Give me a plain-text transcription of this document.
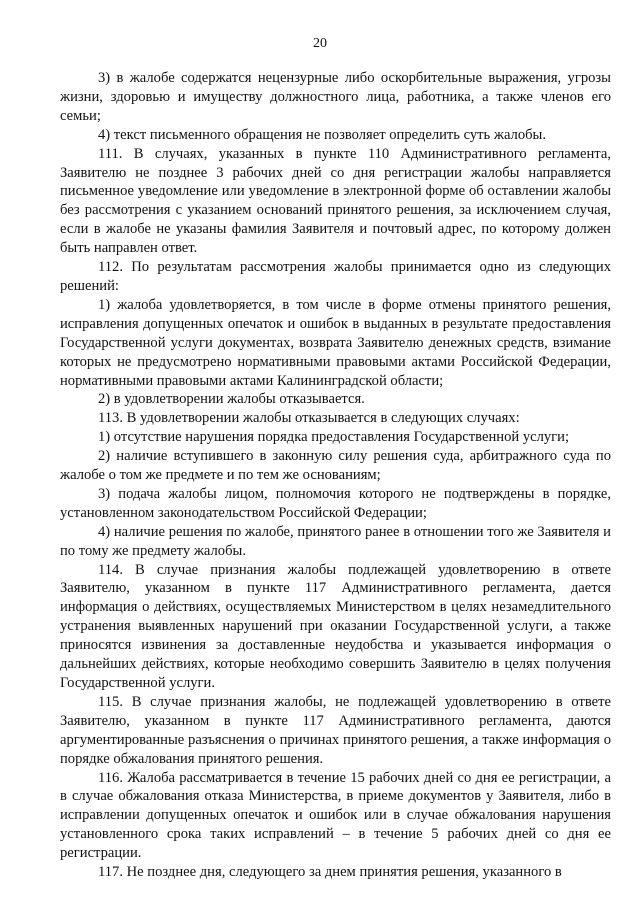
20

3) в жалобе содержатся нецензурные либо оскорбительные выражения, угрозы жизни, здоровью и имуществу должностного лица, работника, а также членов его семьи;

4) текст письменного обращения не позволяет определить суть жалобы.

111. В случаях, указанных в пункте 110 Административного регламента, Заявителю не позднее 3 рабочих дней со дня регистрации жалобы направляется письменное уведомление или уведомление в электронной форме об оставлении жалобы без рассмотрения с указанием оснований принятого решения, за исключением случая, если в жалобе не указаны фамилия Заявителя и почтовый адрес, по которому должен быть направлен ответ.

112. По результатам рассмотрения жалобы принимается одно из следующих решений:

1) жалоба удовлетворяется, в том числе в форме отмены принятого решения, исправления допущенных опечаток и ошибок в выданных в результате предоставления Государственной услуги документах, возврата Заявителю денежных средств, взимание которых не предусмотрено нормативными правовыми актами Российской Федерации, нормативными правовыми актами Калининградской области;

2) в удовлетворении жалобы отказывается.

113. В удовлетворении жалобы отказывается в следующих случаях:

1) отсутствие нарушения порядка предоставления Государственной услуги;

2) наличие вступившего в законную силу решения суда, арбитражного суда по жалобе о том же предмете и по тем же основаниям;

3) подача жалобы лицом, полномочия которого не подтверждены в порядке, установленном законодательством Российской Федерации;

4) наличие решения по жалобе, принятого ранее в отношении того же Заявителя и по тому же предмету жалобы.

114. В случае признания жалобы подлежащей удовлетворению в ответе Заявителю, указанном в пункте 117 Административного регламента, дается информация о действиях, осуществляемых Министерством в целях незамедлительного устранения выявленных нарушений при оказании Государственной услуги, а также приносятся извинения за доставленные неудобства и указывается информация о дальнейших действиях, которые необходимо совершить Заявителю в целях получения Государственной услуги.

115. В случае признания жалобы, не подлежащей удовлетворению в ответе Заявителю, указанном в пункте 117 Административного регламента, даются аргументированные разъяснения о причинах принятого решения, а также информация о порядке обжалования принятого решения.

116. Жалоба рассматривается в течение 15 рабочих дней со дня ее регистрации, а в случае обжалования отказа Министерства, в приеме документов у Заявителя, либо в исправлении допущенных опечаток и ошибок или в случае обжалования нарушения установленного срока таких исправлений – в течение 5 рабочих дней со дня ее регистрации.

117. Не позднее дня, следующего за днем принятия решения, указанного в
